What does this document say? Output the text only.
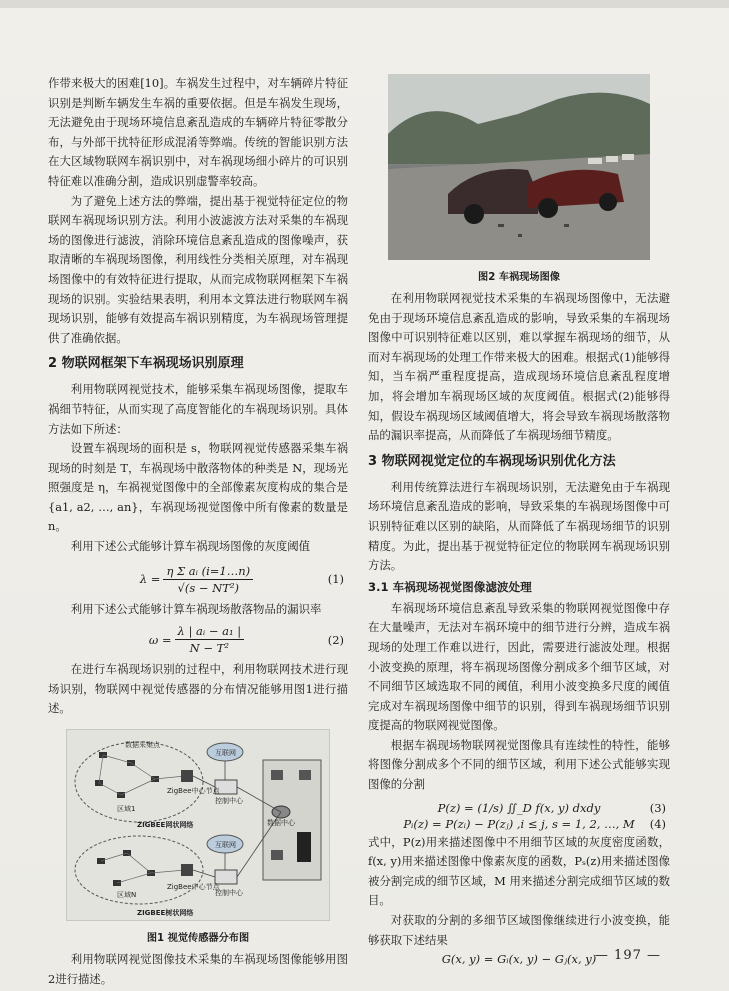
作带来极大的困难[10]。车祸发生过程中，对车辆碎片特征识别是判断车辆发生车祸的重要依据。但是车祸发生现场，无法避免由于现场环境信息紊乱造成的车辆碎片特征零散分布，与外部干扰特征形成混淆等弊端。传统的智能识别方法在大区域物联网车祸识别中，对车祸现场细小碎片的可识别特征难以准确分割，造成识别虚警率较高。

为了避免上述方法的弊端，提出基于视觉特征定位的物联网车祸现场识别方法。利用小波滤波方法对采集的车祸现场的图像进行滤波，消除环境信息紊乱造成的图像噪声，获取清晰的车祸现场图像，利用线性分类相关原理，对车祸现场图像中的有效特征进行提取，从而完成物联网框架下车祸现场的识别。实验结果表明，利用本文算法进行物联网车祸现场识别，能够有效提高车祸识别精度，为车祸现场管理提供了准确依据。

2 物联网框架下车祸现场识别原理

利用物联网视觉技术，能够采集车祸现场图像，提取车祸细节特征，从而实现了高度智能化的车祸现场识别。具体方法如下所述：

设置车祸现场的面积是 s，物联网视觉传感器采集车祸现场的时刻是 T，车祸现场中散落物体的种类是 N，现场光照强度是 η，车祸视觉图像中的全部像素灰度构成的集合是 {a1, a2, …, an}，车祸现场视觉图像中所有像素的数量是 n。

利用下述公式能够计算车祸现场图像的灰度阈值

$\lambda = \frac{\text{η Σ aᵢ (i=1…n)}}{\text{√(s − NT²)}}$	(1)

利用下述公式能够计算车祸现场散落物品的漏识率

$\omega = \frac{\text{λ | aᵢ − a₁ |}}{\text{N − T²}}$	(2)

在进行车祸现场识别的过程中，利用物联网技术进行现场识别，物联网中视觉传感器的分布情况能够用图1进行描述。

数据采集点
区域1
区域N
ZigBee中心节点
ZigBee中心节点
控制中心
控制中心
互联网
互联网
ZIGBEE网状网络
ZIGBEE树状网络
数据中心
图1 视觉传感器分布图

利用物联网视觉图像技术采集的车祸现场图像能够用图2进行描述。

图2 车祸现场图像

在利用物联网视觉技术采集的车祸现场图像中，无法避免由于现场环境信息紊乱造成的影响，导致采集的车祸现场图像中可识别特征难以区别，难以掌握车祸现场的细节，从而对车祸现场的处理工作带来极大的困难。根据式(1)能够得知，当车祸严重程度提高，造成现场环境信息紊乱程度增加，将会增加车祸现场区域的灰度阈值。根据式(2)能够得知，假设车祸现场区域阈值增大，将会导致车祸现场散落物品的漏识率提高，从而降低了车祸现场细节精度。

3 物联网视觉定位的车祸现场识别优化方法

利用传统算法进行车祸现场识别，无法避免由于车祸现场环境信息紊乱造成的影响，导致采集的车祸现场图像中可识别特征难以区别的缺陷，从而降低了车祸现场细节的识别精度。为此，提出基于视觉特征定位的物联网车祸现场识别方法。

3.1 车祸现场视觉图像滤波处理

车祸现场环境信息紊乱导致采集的物联网视觉图像中存在大量噪声，无法对车祸环境中的细节进行分辨，造成车祸现场的处理工作难以进行，因此，需要进行滤波处理。根据小波变换的原理，将车祸现场图像分割成多个细节区域，对不同细节区域选取不同的阈值，利用小波变换多尺度的阈值完成对车祸现场图像中细节的识别，得到车祸现场细节识别度提高的物联网视觉图像。

根据车祸现场物联网视觉图像具有连续性的特性，能够将图像分割成多个不同的细节区域，利用下述公式能够实现图像的分割

P(z) = (1/s) ∬_D f(x, y) dxdy	(3)
Pᵢ(z) = P(zᵢ) − P(zⱼ) ,i ≤ j, s = 1, 2, …, M (4)

式中，P(z)用来描述图像中不用细节区域的灰度密度函数，f(x, y)用来描述图像中像素灰度的函数，Pₛ(z)用来描述图像被分割完成的细节区域，M 用来描述分割完成细节区域的数目。

对获取的分割的多细节区域图像继续进行小波变换，能够获取下述结果

G(x, y) = Gᵢ(x, y) − Gⱼ(x, y)
— 197 —
